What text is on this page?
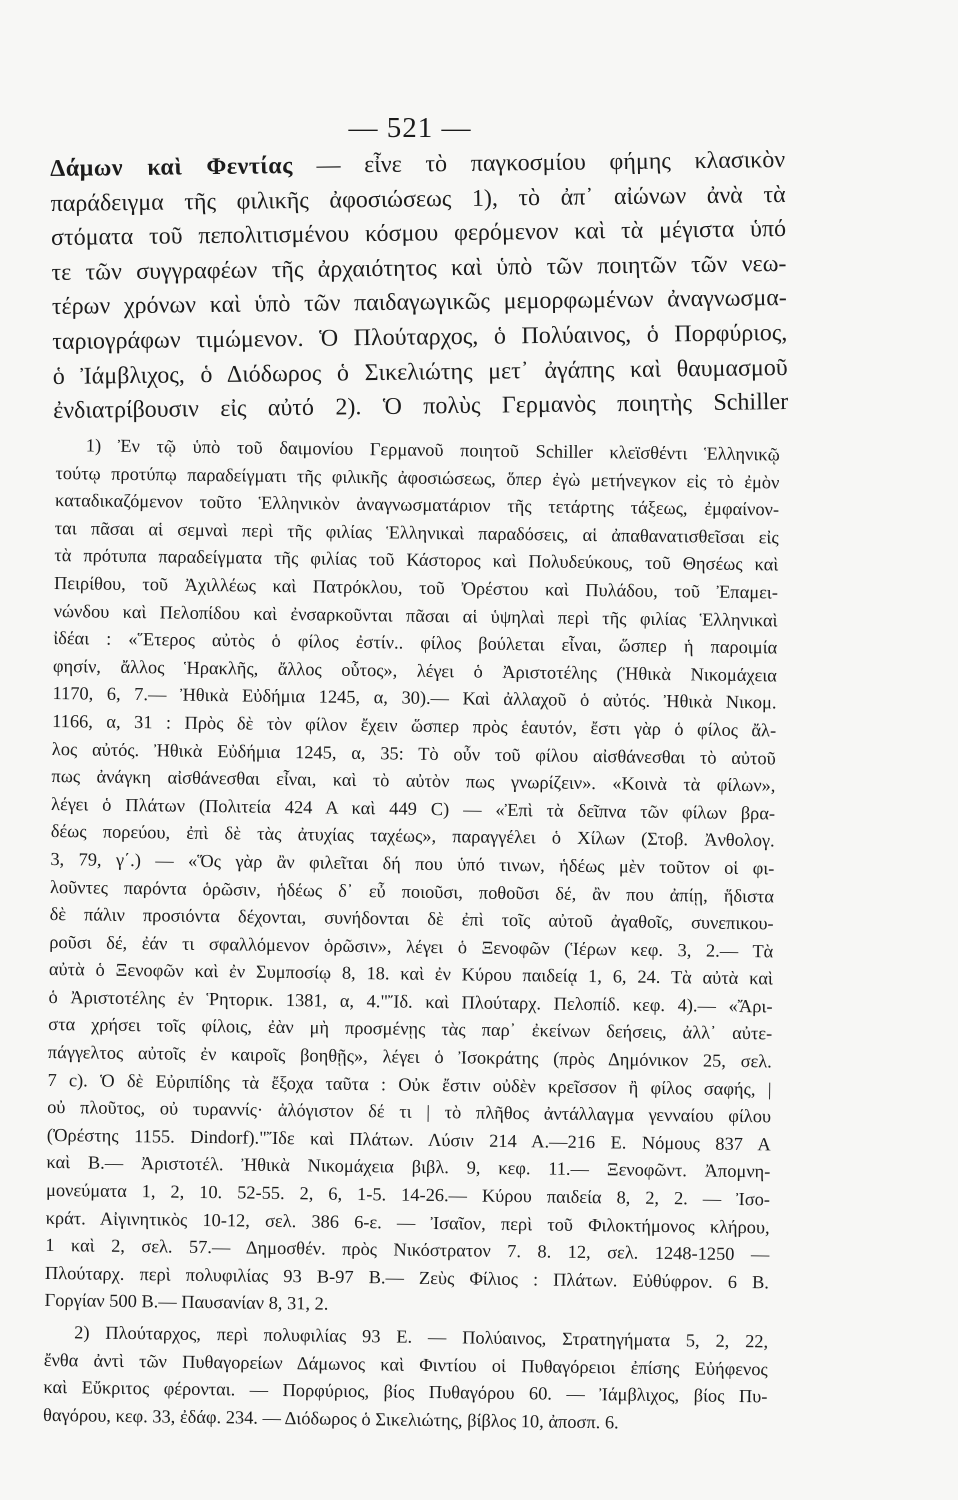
— 521 —
Δάμων καὶ Φεντίας — εἶνε τὸ παγκοσμίου φήμης κλασικὸν
παράδειγμα τῆς φιλικῆς ἀφοσιώσεως 1), τὸ ἀπ᾽ αἰώνων ἀνὰ τὰ
στόματα τοῦ πεπολιτισμένου κόσμου φερόμενον καὶ τὰ μέγιστα ὑπό
τε τῶν συγγραφέων τῆς ἀρχαιότητος καὶ ὑπὸ τῶν ποιητῶν τῶν νεω-
τέρων χρόνων καὶ ὑπὸ τῶν παιδαγωγικῶς μεμορφωμένων ἀναγνωσμα-
ταριογράφων τιμώμενον. Ὁ Πλούταρχος, ὁ Πολύαινος, ὁ Πορφύριος,
ὁ Ἰάμβλιχος, ὁ Διόδωρος ὁ Σικελιώτης μετ᾽ ἀγάπης καὶ θαυμασμοῦ
ἐνδιατρίβουσιν εἰς αὐτό 2). Ὁ πολὺς Γερμανὸς ποιητὴς Schiller
1) Ἐν τῷ ὑπὸ τοῦ δαιμονίου Γερμανοῦ ποιητοῦ Schiller κλεϊσθέντι Ἑλληνικῷ
τούτῳ προτύπῳ παραδείγματι τῆς φιλικῆς ἀφοσιώσεως, ὅπερ ἐγὼ μετήνεγκον εἰς τὸ ἐμὸν
καταδικαζόμενον τοῦτο Ἑλληνικὸν ἀναγνωσματάριον τῆς τετάρτης τάξεως, ἐμφαίνον-
ται πᾶσαι αἱ σεμναὶ περὶ τῆς φιλίας Ἑλληνικαὶ παραδόσεις, αἱ ἀπαθανατισθεῖσαι εἰς
τὰ πρότυπα παραδείγματα τῆς φιλίας τοῦ Κάστορος καὶ Πολυδεύκους, τοῦ Θησέως καὶ
Πειρίθου, τοῦ Ἀχιλλέως καὶ Πατρόκλου, τοῦ Ὀρέστου καὶ Πυλάδου, τοῦ Ἐπαμει-
νώνδου καὶ Πελοπίδου καὶ ἐνσαρκοῦνται πᾶσαι αἱ ὑψηλαὶ περὶ τῆς φιλίας Ἑλληνικαὶ
ἰδέαι : «Ἕτερος αὐτὸς ὁ φίλος ἐστίν.. φίλος βούλεται εἶναι, ὥσπερ ἡ παροιμία
φησίν, ἄλλος Ἡρακλῆς, ἄλλος οὗτος», λέγει ὁ Ἀριστοτέλης (Ἠθικὰ Νικομάχεια
1170, 6, 7.— Ἠθικὰ Εὐδήμια 1245, α, 30).— Καὶ ἀλλαχοῦ ὁ αὐτός. Ἠθικὰ Νικομ.
1166, α, 31 : Πρὸς δὲ τὸν φίλον ἔχειν ὥσπερ πρὸς ἑαυτόν, ἔστι γὰρ ὁ φίλος ἄλ-
λος αὐτός. Ἠθικὰ Εὐδήμια 1245, α, 35: Τὸ οὖν τοῦ φίλου αἰσθάνεσθαι τὸ αὐτοῦ
πως ἀνάγκη αἰσθάνεσθαι εἶναι, καὶ τὸ αὐτὸν πως γνωρίζειν». «Κοινὰ τὰ φίλων»,
λέγει ὁ Πλάτων (Πολιτεία 424 Α καὶ 449 C) — «Ἐπὶ τὰ δεῖπνα τῶν φίλων βρα-
δέως πορεύου, ἐπὶ δὲ τὰς ἀτυχίας ταχέως», παραγγέλει ὁ Χίλων (Στοβ. Ἀνθολογ.
3, 79, γ΄.) — «Ὅς γὰρ ἂν φιλεῖται δή που ὑπό τινων, ἡδέως μὲν τοῦτον οἱ φι-
λοῦντες παρόντα ὁρῶσιν, ἡδέως δ᾽ εὖ ποιοῦσι, ποθοῦσι δέ, ἂν που ἀπίῃ, ἥδιστα
δὲ πάλιν προσιόντα δέχονται, συνήδονται δὲ ἐπὶ τοῖς αὐτοῦ ἀγαθοῖς, συνεπικου-
ροῦσι δέ, ἐάν τι σφαλλόμενον ὁρῶσιν», λέγει ὁ Ξενοφῶν (Ἱέρων κεφ. 3, 2.— Τὰ
αὐτὰ ὁ Ξενοφῶν καὶ ἐν Συμποσίῳ 8, 18. καὶ ἐν Κύρου παιδείᾳ 1, 6, 24. Τὰ αὐτὰ καὶ
ὁ Ἀριστοτέλης ἐν Ῥητορικ. 1381, α, 4."Ἴδ. καὶ Πλούταρχ. Πελοπίδ. κεφ. 4).— «Ἄρι-
στα χρήσει τοῖς φίλοις, ἐὰν μὴ προσμένῃς τὰς παρ᾽ ἐκείνων δεήσεις, ἀλλ᾽ αὐτε-
πάγγελτος αὐτοῖς ἐν καιροῖς βοηθῇς», λέγει ὁ Ἰσοκράτης (πρὸς Δημόνικον 25, σελ.
7 c). Ὁ δὲ Εὐριπίδης τὰ ἔξοχα ταῦτα : Οὐκ ἔστιν οὐδὲν κρεῖσσον ἢ φίλος σαφής, |
οὐ πλοῦτος, οὐ τυραννίς· ἀλόγιστον δέ τι | τὸ πλῆθος ἀντάλλαγμα γενναίου φίλου
(Ὀρέστης 1155. Dindorf)."Ἴδε καὶ Πλάτων. Λύσιν 214 Α.—216 Ε. Νόμους 837 Α
καὶ Β.— Ἀριστοτέλ. Ἠθικὰ Νικομάχεια βιβλ. 9, κεφ. 11.— Ξενοφῶντ. Ἀπομνη-
μονεύματα 1, 2, 10. 52-55. 2, 6, 1-5. 14-26.— Κύρου παιδεία 8, 2, 2. — Ἰσο-
κράτ. Αἰγινητικὸς 10-12, σελ. 386 6-ε. — Ἰσαῖον, περὶ τοῦ Φιλοκτήμονος κλήρου,
1 καὶ 2, σελ. 57.— Δημοσθέν. πρὸς Νικόστρατον 7. 8. 12, σελ. 1248-1250 —
Πλούταρχ. περὶ πολυφιλίας 93 Β-97 Β.— Ζεὺς Φίλιος : Πλάτων. Εὐθύφρον. 6 Β.
Γοργίαν 500 Β.— Παυσανίαν 8, 31, 2.
2) Πλούταρχος, περὶ πολυφιλίας 93 Ε. — Πολύαινος, Στρατηγήματα 5, 2, 22,
ἔνθα ἀντὶ τῶν Πυθαγορείων Δάμωνος καὶ Φιντίου οἱ Πυθαγόρειοι ἐπίσης Εὐήφενος
καὶ Εὔκριτος φέρονται. — Πορφύριος, βίος Πυθαγόρου 60. — Ἰάμβλιχος, βίος Πυ-
θαγόρου, κεφ. 33, ἐδάφ. 234. — Διόδωρος ὁ Σικελιώτης, βίβλος 10, ἀποσπ. 6.
